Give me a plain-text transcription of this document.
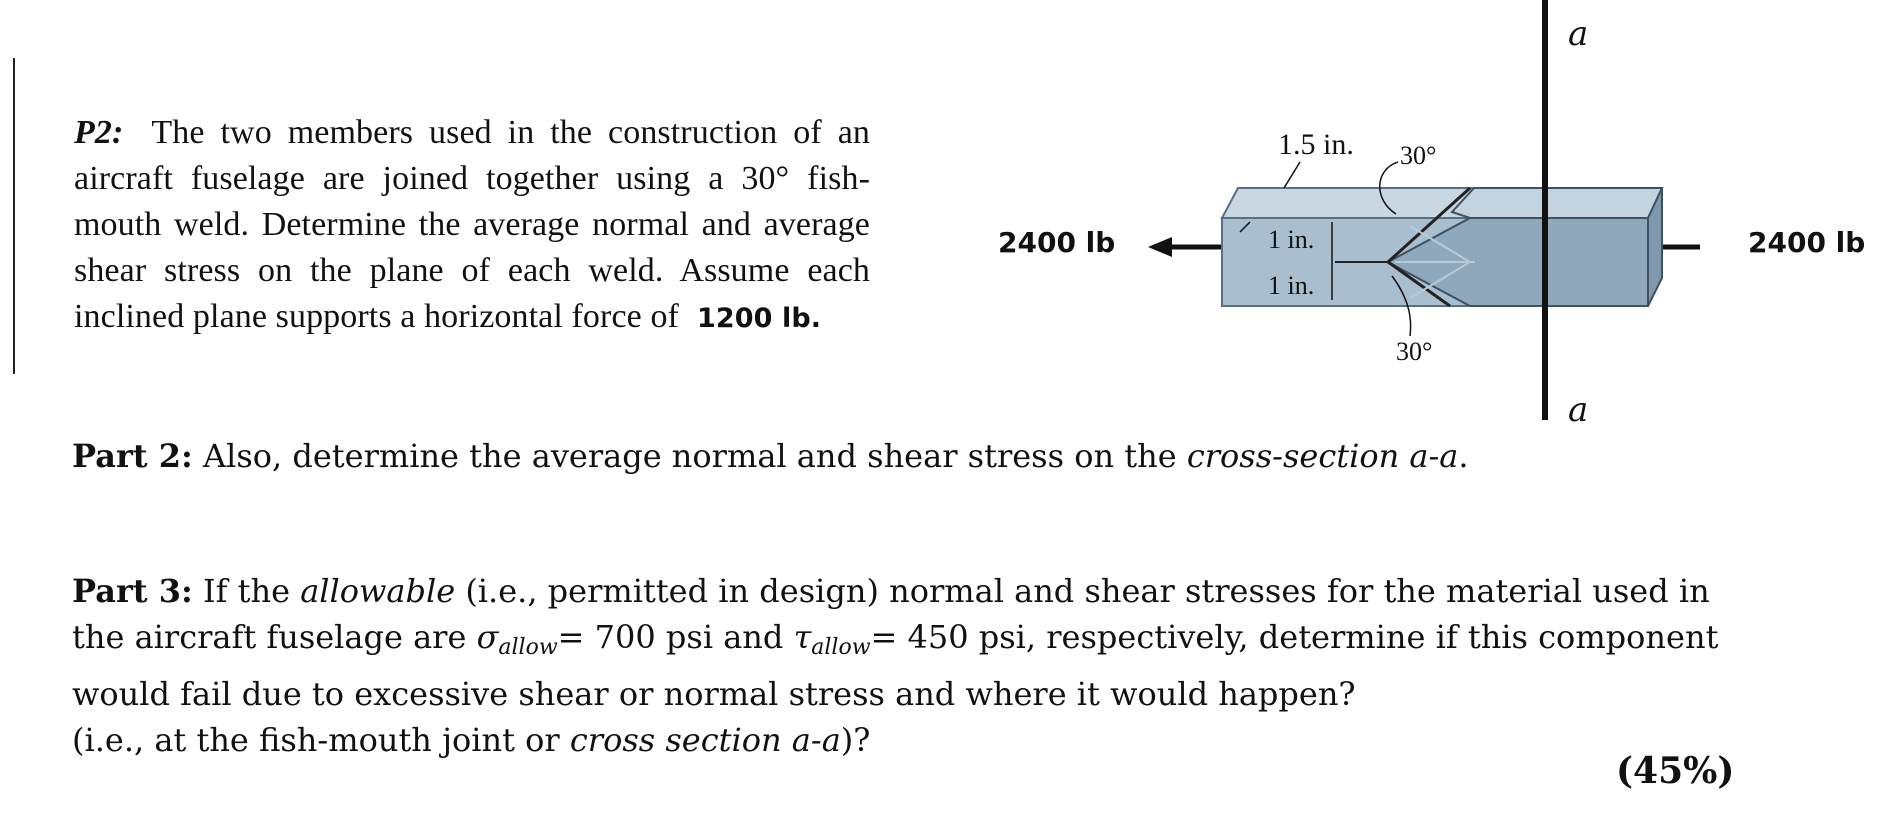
P2: The two members used in the construction of an aircraft fuselage are joined together using a 30° fish-mouth weld. Determine the average normal and average shear stress on the plane of each weld. Assume each inclined plane supports a horizontal force of 1200 lb.
2400 lb	2400 lb
a
a
1.5 in. 30°
1 in.
1 in.
30°
Part 2: Also, determine the average normal and shear stress on the cross-section a-a.
Part 3: If the allowable (i.e., permitted in design) normal and shear stresses for the material used in the aircraft fuselage are $\sigma_{allow}= 700$ psi and $\tau_{allow}= 450$ psi, respectively, determine if this component would fail due to excessive shear or normal stress and where it would happen?
(i.e., at the fish-mouth joint or cross section a-a)?
(45%)
